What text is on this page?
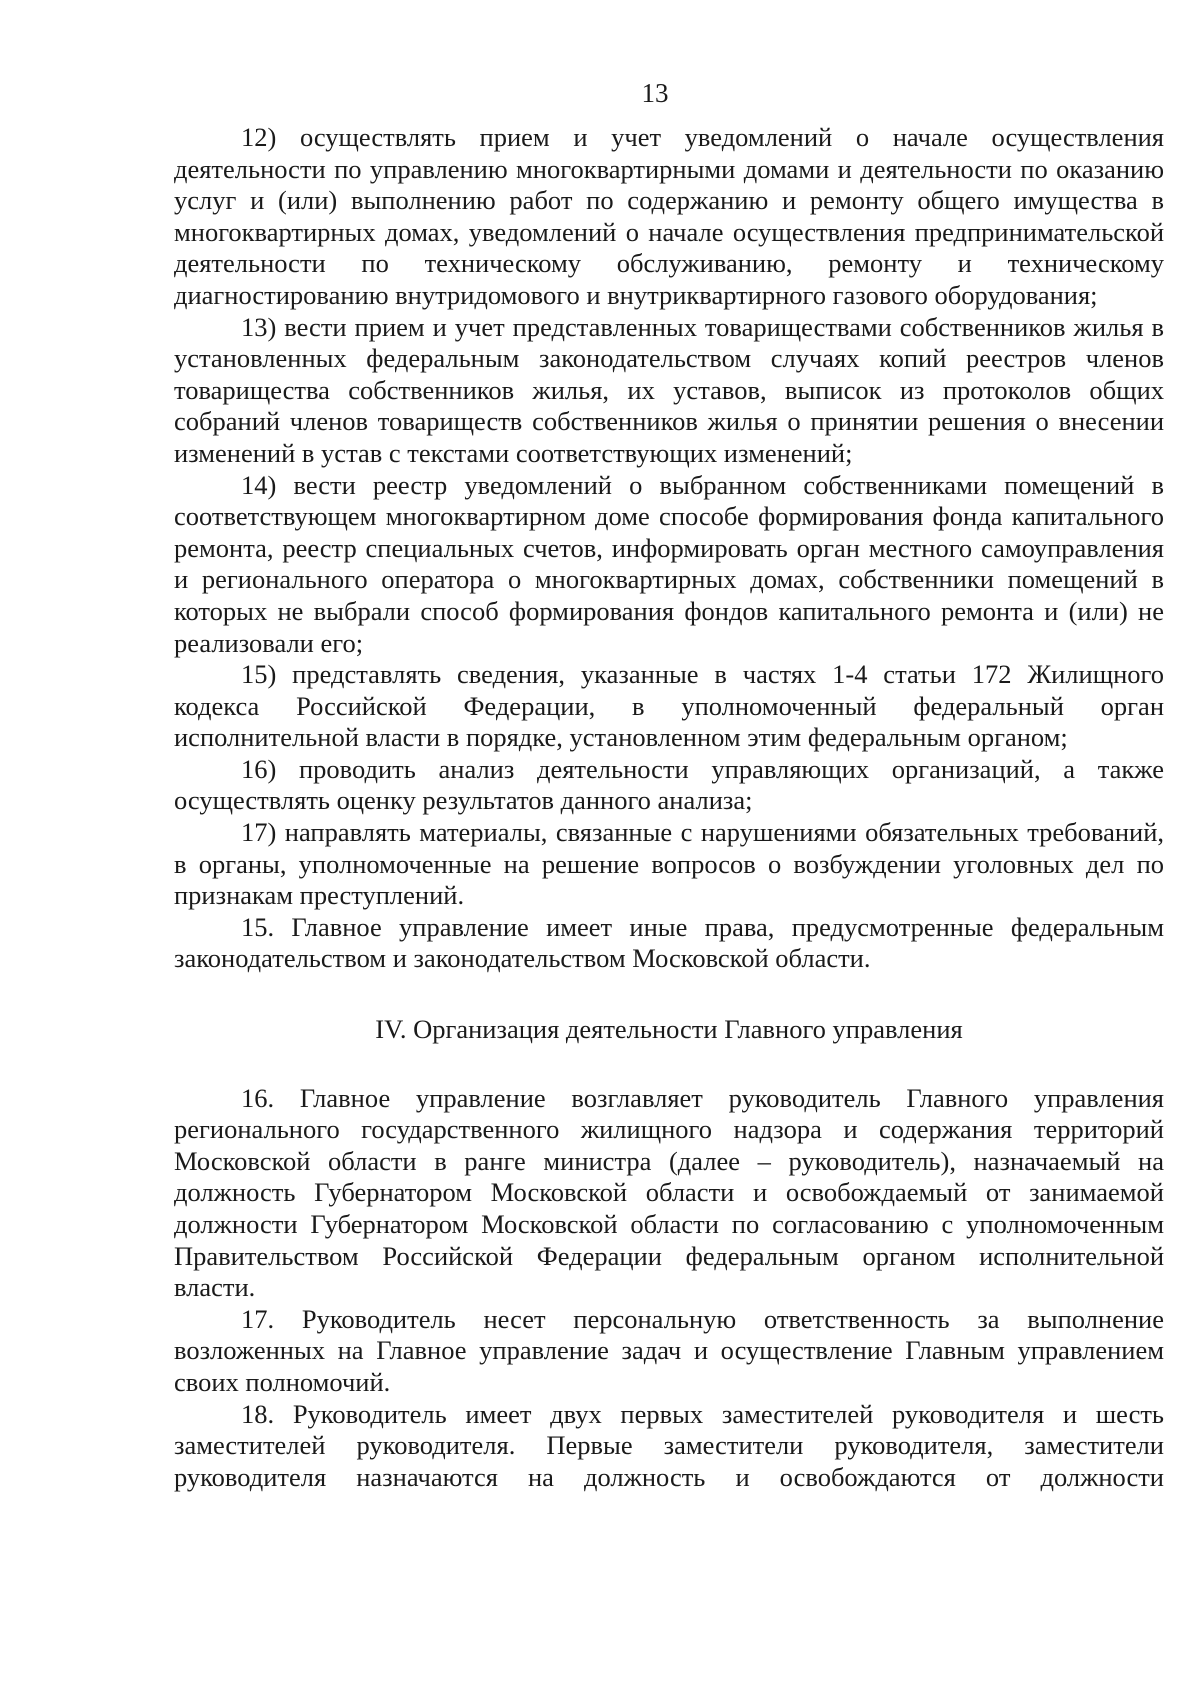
13

12) осуществлять прием и учет уведомлений о начале осуществления деятельности по управлению многоквартирными домами и деятельности по оказанию услуг и (или) выполнению работ по содержанию и ремонту общего имущества в многоквартирных домах, уведомлений о начале осуществления предпринимательской деятельности по техническому обслуживанию, ремонту и техническому диагностированию внутридомового и внутриквартирного газового оборудования;

13) вести прием и учет представленных товариществами собственников жилья в установленных федеральным законодательством случаях копий реестров членов товарищества собственников жилья, их уставов, выписок из протоколов общих собраний членов товариществ собственников жилья о принятии решения о внесении изменений в устав с текстами соответствующих изменений;

14) вести реестр уведомлений о выбранном собственниками помещений в соответствующем многоквартирном доме способе формирования фонда капитального ремонта, реестр специальных счетов, информировать орган местного самоуправления и регионального оператора о многоквартирных домах, собственники помещений в которых не выбрали способ формирования фондов капитального ремонта и (или) не реализовали его;

15) представлять сведения, указанные в частях 1-4 статьи 172 Жилищного кодекса Российской Федерации, в уполномоченный федеральный орган исполнительной власти в порядке, установленном этим федеральным органом;

16) проводить анализ деятельности управляющих организаций, а также осуществлять оценку результатов данного анализа;

17) направлять материалы, связанные с нарушениями обязательных требований, в органы, уполномоченные на решение вопросов о возбуждении уголовных дел по признакам преступлений.

15. Главное управление имеет иные права, предусмотренные федеральным законодательством и законодательством Московской области.

IV. Организация деятельности Главного управления

16. Главное управление возглавляет руководитель Главного управления регионального государственного жилищного надзора и содержания территорий Московской области в ранге министра (далее – руководитель), назначаемый на должность Губернатором Московской области и освобождаемый от занимаемой должности Губернатором Московской области по согласованию с уполномоченным Правительством Российской Федерации федеральным органом исполнительной власти.

17. Руководитель несет персональную ответственность за выполнение возложенных на Главное управление задач и осуществление Главным управлением своих полномочий.

18. Руководитель имеет двух первых заместителей руководителя и шесть заместителей руководителя. Первые заместители руководителя, заместители руководителя назначаются на должность и освобождаются от должности
